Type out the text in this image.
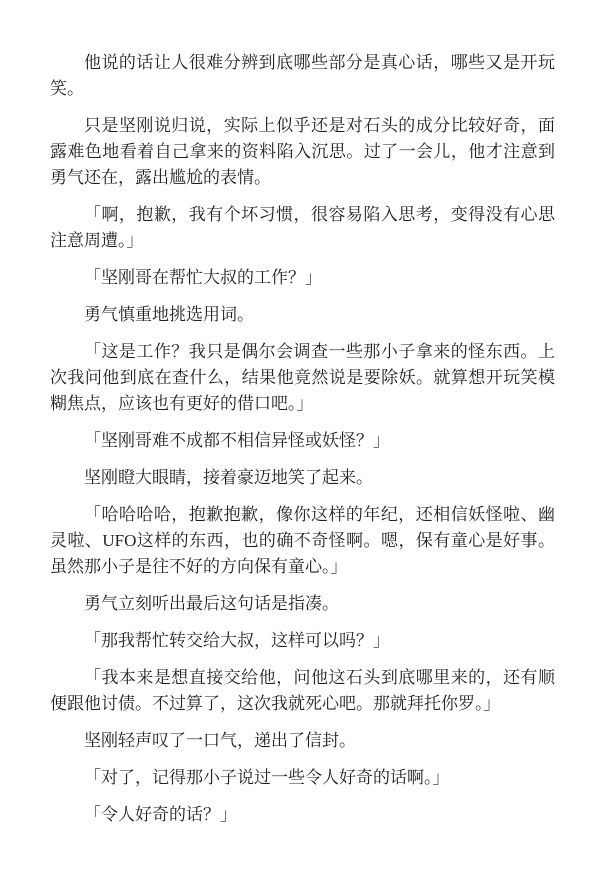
他说的话让人很难分辨到底哪些部分是真心话，哪些又是开玩笑。

只是坚刚说归说，实际上似乎还是对石头的成分比较好奇，面露难色地看着自己拿来的资料陷入沉思。过了一会儿，他才注意到勇气还在，露出尴尬的表情。

「啊，抱歉，我有个坏习惯，很容易陷入思考，变得没有心思注意周遭。」

「坚刚哥在帮忙大叔的工作？」

勇气慎重地挑选用词。

「这是工作？我只是偶尔会调查一些那小子拿来的怪东西。上次我问他到底在查什么，结果他竟然说是要除妖。就算想开玩笑模糊焦点，应该也有更好的借口吧。」

「坚刚哥难不成都不相信异怪或妖怪？」

坚刚瞪大眼睛，接着豪迈地笑了起来。

「哈哈哈哈，抱歉抱歉，像你这样的年纪，还相信妖怪啦、幽灵啦、UFO这样的东西，也的确不奇怪啊。嗯，保有童心是好事。虽然那小子是往不好的方向保有童心。」

勇气立刻听出最后这句话是指凑。

「那我帮忙转交给大叔，这样可以吗？」

「我本来是想直接交给他，问他这石头到底哪里来的，还有顺便跟他讨债。不过算了，这次我就死心吧。那就拜托你罗。」

坚刚轻声叹了一口气，递出了信封。

「对了，记得那小子说过一些令人好奇的话啊。」

「令人好奇的话？」
